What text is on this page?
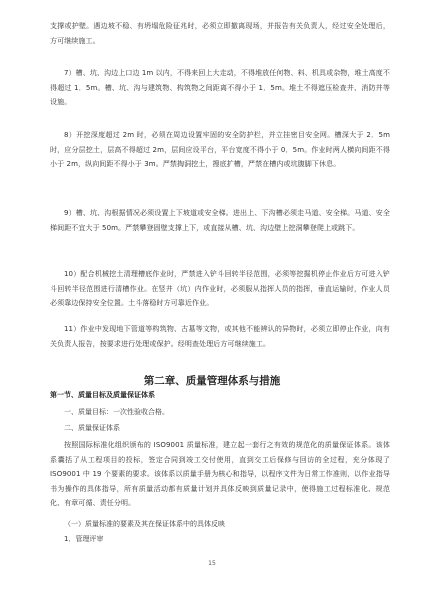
支撑或护壁。遇边坡不稳、有坍塌危险征兆时，必须立即撤离现场，并报告有关负责人，经过安全处理后，方可继续施工。

7）槽、坑、沟边上口边 1m 以内，不得来回上大走动，不得堆放任何物、料、机具或杂物，堆土高度不得超过 1．5m。槽、坑、沟与建筑物、构筑物之间距离不得小于 1．5m。堆土不得遮压检查井、消防井等设施。

8）开挖深度超过 2m 时，必须在周边设置牢固的安全防护栏，并立挂密目安全网。槽深大于 2．5m 时，应分层挖土，层高不得超过 2m，层间应设平台，平台宽度不得小于 0．5m。作业时两人横向间距不得小于 2m，纵向间距不得小于 3m。严禁掏洞挖土，搜底扩槽，严禁在槽内或坑腹脚下休息。

9）槽、坑、沟根据情况必须设置上下坡道或安全梯。进出上、下沟槽必须走马道、安全梯。马道、安全梯间距不宜大于 50m。严禁攀登固壁支撑上下，或直接从槽、坑、沟边壁上挖洞攀登爬上或跳下。

10）配合机械挖土清理槽底作业时，严禁进入铲斗回转半径范围，必须等挖掘机停止作业后方可进入铲斗回转半径范围进行清槽作业。在竖井（坑）内作业时，必须服从指挥人员的指挥，垂直运输时，作业人员必须靠边保持安全位置。土斗落稳时方可靠近作业。

11）作业中发现地下管道等构筑物、古墓等文物，或其他不能辨认的异物时，必须立即停止作业，向有关负责人报告，按要求进行处理或保护。经明查处理后方可继续施工。

第二章、质量管理体系与措施
第一节、质量目标及质量保证体系

一、质量目标：一次性验收合格。

二、质量保证体系

按照国际标准化组织颁布的 ISO9001 质量标准，建立起一套行之有效的规范化的质量保证体系。该体系囊括了从工程项目的投标，签定合同到竣工交付使用，直到交工后保修与回访的全过程，充分体现了 ISO9001 中 19 个要素的要求。该体系以质量手册为核心和指导，以程序文件为日常工作准则，以作业指导书为操作的具体指导，所有质量活动都有质量计划并具体反映到质量记录中，使得施工过程标准化、规范化、有章可循、责任分明。

（一）质量标准的要素及其在保证体系中的具体反映

1．管理评审

15
